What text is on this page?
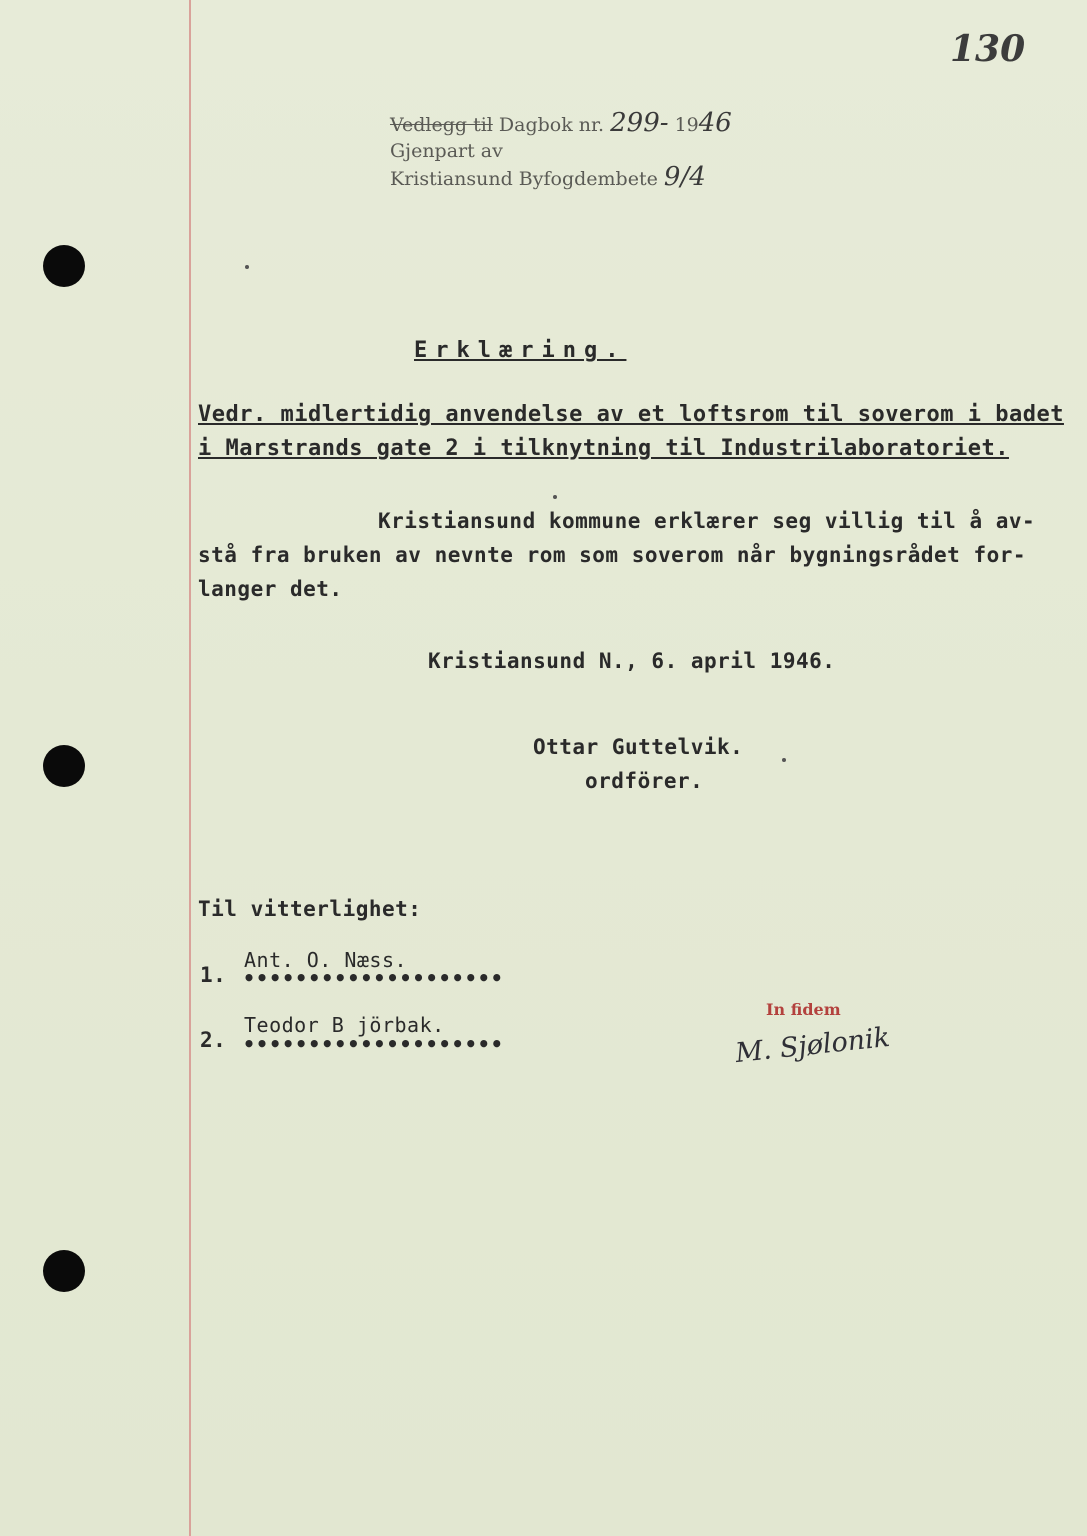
130
Vedlegg til Dagbok nr. 299- 1946
Gjenpart av
Kristiansund Byfogdembete 9/4
Erklæring.
Vedr. midlertidig anvendelse av et loftsrom til soverom i badet
i Marstrands gate 2 i tilknytning til Industrilaboratoriet.
Kristiansund kommune erklærer seg villig til å av-
stå fra bruken av nevnte rom som soverom når bygningsrådet for-
langer det.
Kristiansund N., 6. april 1946.
Ottar Guttelvik.
ordförer.
Til vitterlighet:
1.
Ant. O. Næss.
••••••••••••••••••••
2.
Teodor B jörbak.
••••••••••••••••••••
In fidem
M. Sjølonik
